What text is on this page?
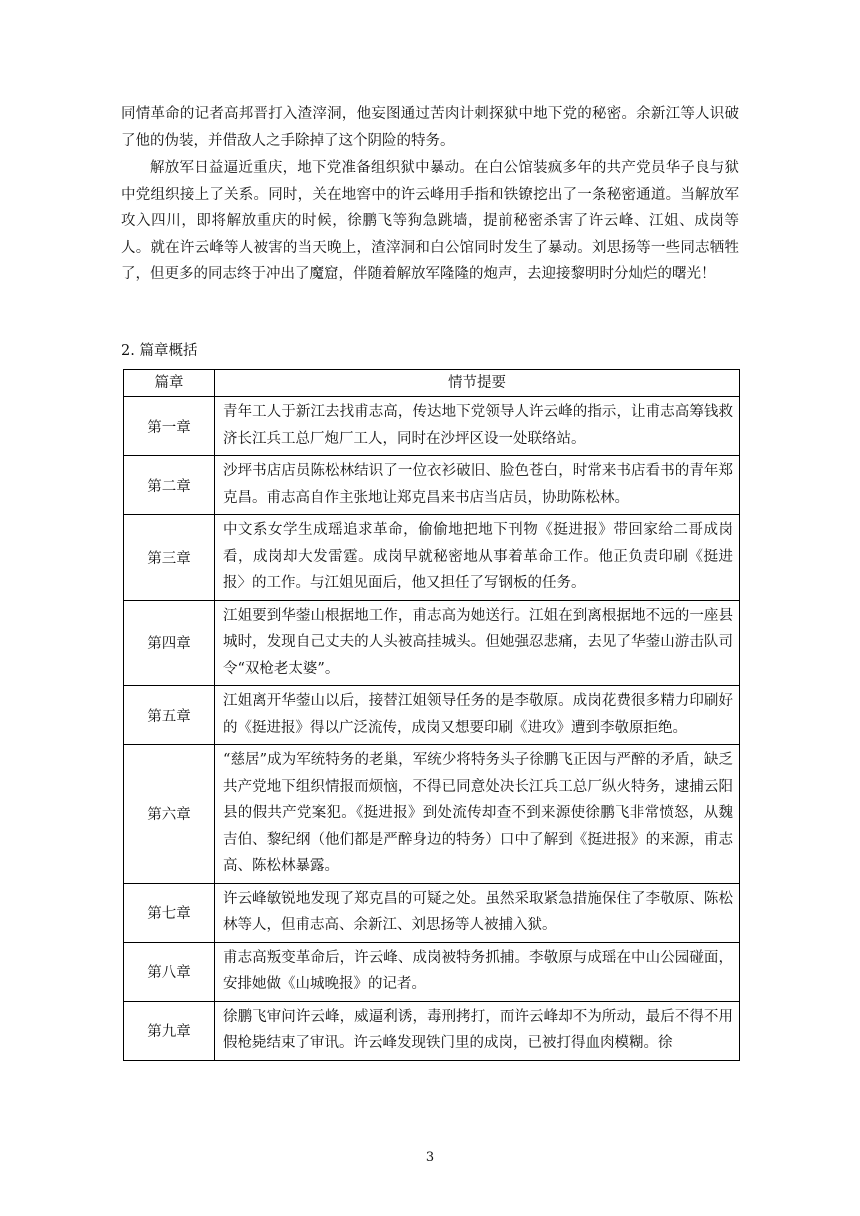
同情革命的记者高邦晋打入渣滓洞，他妄图通过苦肉计刺探狱中地下党的秘密。余新江等人识破了他的伪装，并借敌人之手除掉了这个阴险的特务。

解放军日益逼近重庆，地下党准备组织狱中暴动。在白公馆装疯多年的共产党员华子良与狱中党组织接上了关系。同时，关在地窖中的许云峰用手指和铁镣挖出了一条秘密通道。当解放军攻入四川，即将解放重庆的时候，徐鹏飞等狗急跳墙，提前秘密杀害了许云峰、江姐、成岗等人。就在许云峰等人被害的当天晚上，渣滓洞和白公馆同时发生了暴动。刘思扬等一些同志牺牲了，但更多的同志终于冲出了魔窟，伴随着解放军隆隆的炮声，去迎接黎明时分灿烂的曙光！

2. 篇章概括

篇章	情节提要
第一章	青年工人于新江去找甫志高，传达地下党领导人许云峰的指示，让甫志高筹钱救济长江兵工总厂炮厂工人，同时在沙坪区设一处联络站。
第二章	沙坪书店店员陈松林结识了一位衣衫破旧、脸色苍白，时常来书店看书的青年郑克昌。甫志高自作主张地让郑克昌来书店当店员，协助陈松林。
第三章	中文系女学生成瑶追求革命，偷偷地把地下刊物《挺进报》带回家给二哥成岗看，成岗却大发雷霆。成岗早就秘密地从事着革命工作。他正负责印刷《挺进报〉的工作。与江姐见面后，他又担任了写钢板的任务。
第四章	江姐要到华蓥山根据地工作，甫志高为她送行。江姐在到离根据地不远的一座县城时，发现自己丈夫的人头被高挂城头。但她强忍悲痛，去见了华蓥山游击队司令“双枪老太婆”。
第五章	江姐离开华蓥山以后，接替江姐领导任务的是李敬原。成岗花费很多精力印刷好的《挺进报》得以广泛流传，成岗又想要印刷《进攻》遭到李敬原拒绝。
第六章	“慈居”成为军统特务的老巢，军统少将特务头子徐鹏飞正因与严醉的矛盾，缺乏共产党地下组织情报而烦恼，不得已同意处决长江兵工总厂纵火特务，逮捕云阳县的假共产党案犯。《挺进报》到处流传却查不到来源使徐鹏飞非常愤怒，从魏吉伯、黎纪纲（他们都是严醉身边的特务）口中了解到《挺进报》的来源，甫志高、陈松林暴露。
第七章	许云峰敏锐地发现了郑克昌的可疑之处。虽然采取紧急措施保住了李敬原、陈松林等人，但甫志高、余新江、刘思扬等人被捕入狱。
第八章	甫志高叛变革命后，许云峰、成岗被特务抓捕。李敬原与成瑶在中山公园碰面，安排她做《山城晚报》的记者。
第九章	徐鹏飞审问许云峰，威逼利诱，毒刑拷打，而许云峰却不为所动，最后不得不用假枪毙结束了审讯。许云峰发现铁门里的成岗，已被打得血肉模糊。徐
3
